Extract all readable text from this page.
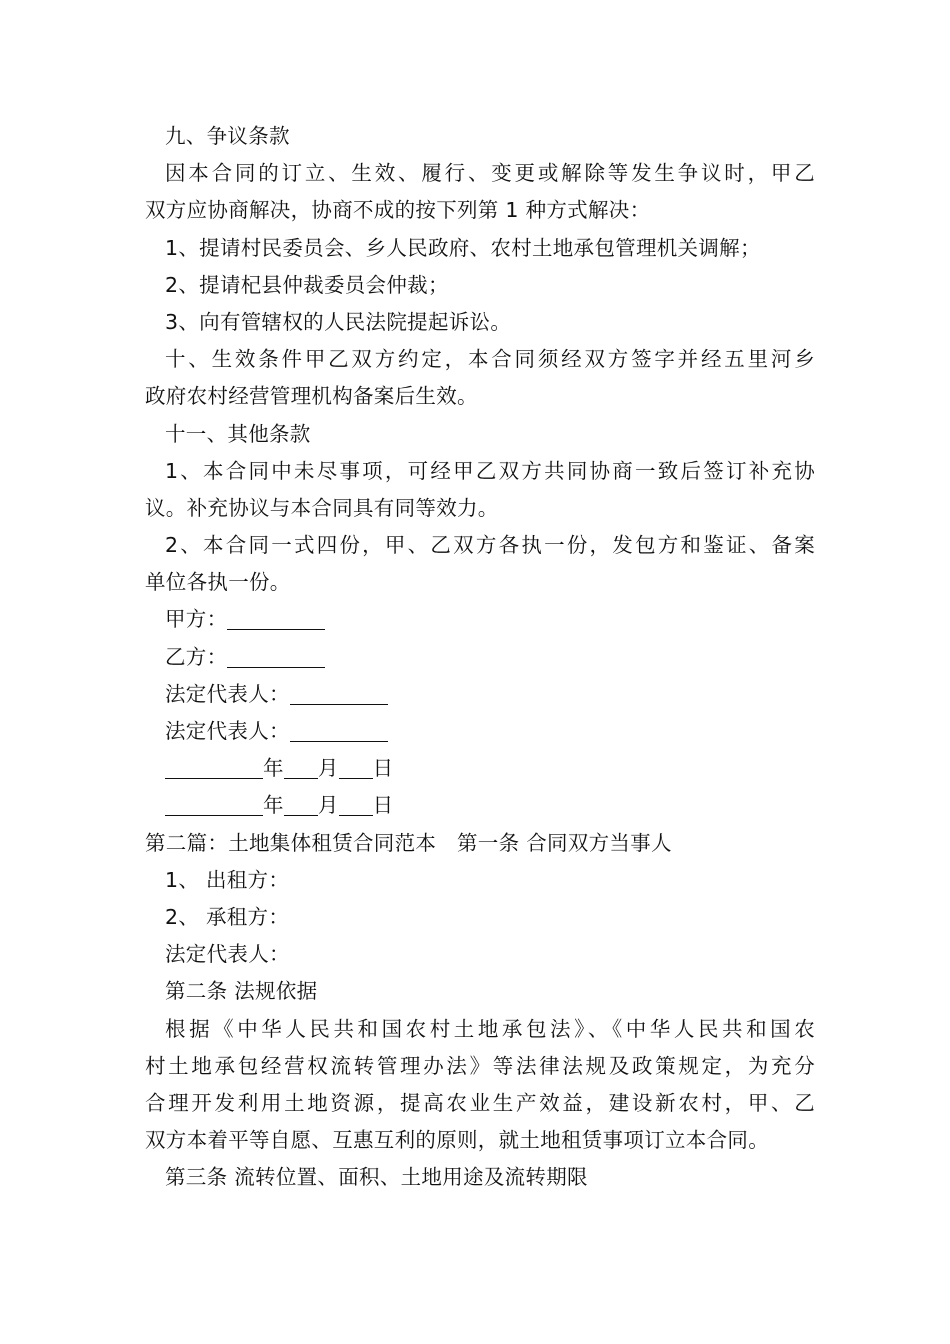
九、争议条款
因本合同的订立、生效、履行、变更或解除等发生争议时，甲乙
双方应协商解决，协商不成的按下列第 1 种方式解决：
1、提请村民委员会、乡人民政府、农村土地承包管理机关调解；
2、提请杞县仲裁委员会仲裁；
3、向有管辖权的人民法院提起诉讼。
十、生效条件甲乙双方约定，本合同须经双方签字并经五里河乡
政府农村经营管理机构备案后生效。
十一、其他条款
1、本合同中未尽事项，可经甲乙双方共同协商一致后签订补充协
议。补充协议与本合同具有同等效力。
2、本合同一式四份，甲、乙双方各执一份，发包方和鉴证、备案
单位各执一份。
甲方：
乙方：
法定代表人：
法定代表人：
年 月 日
年 月 日
第二篇：土地集体租赁合同范本　第一条 合同双方当事人
1、 出租方：
2、 承租方：
法定代表人：
第二条 法规依据
根据《中华人民共和国农村土地承包法》、《中华人民共和国农
村土地承包经营权流转管理办法》等法律法规及政策规定，为充分
合理开发利用土地资源，提高农业生产效益，建设新农村，甲、乙
双方本着平等自愿、互惠互利的原则，就土地租赁事项订立本合同。
第三条 流转位置、面积、土地用途及流转期限
